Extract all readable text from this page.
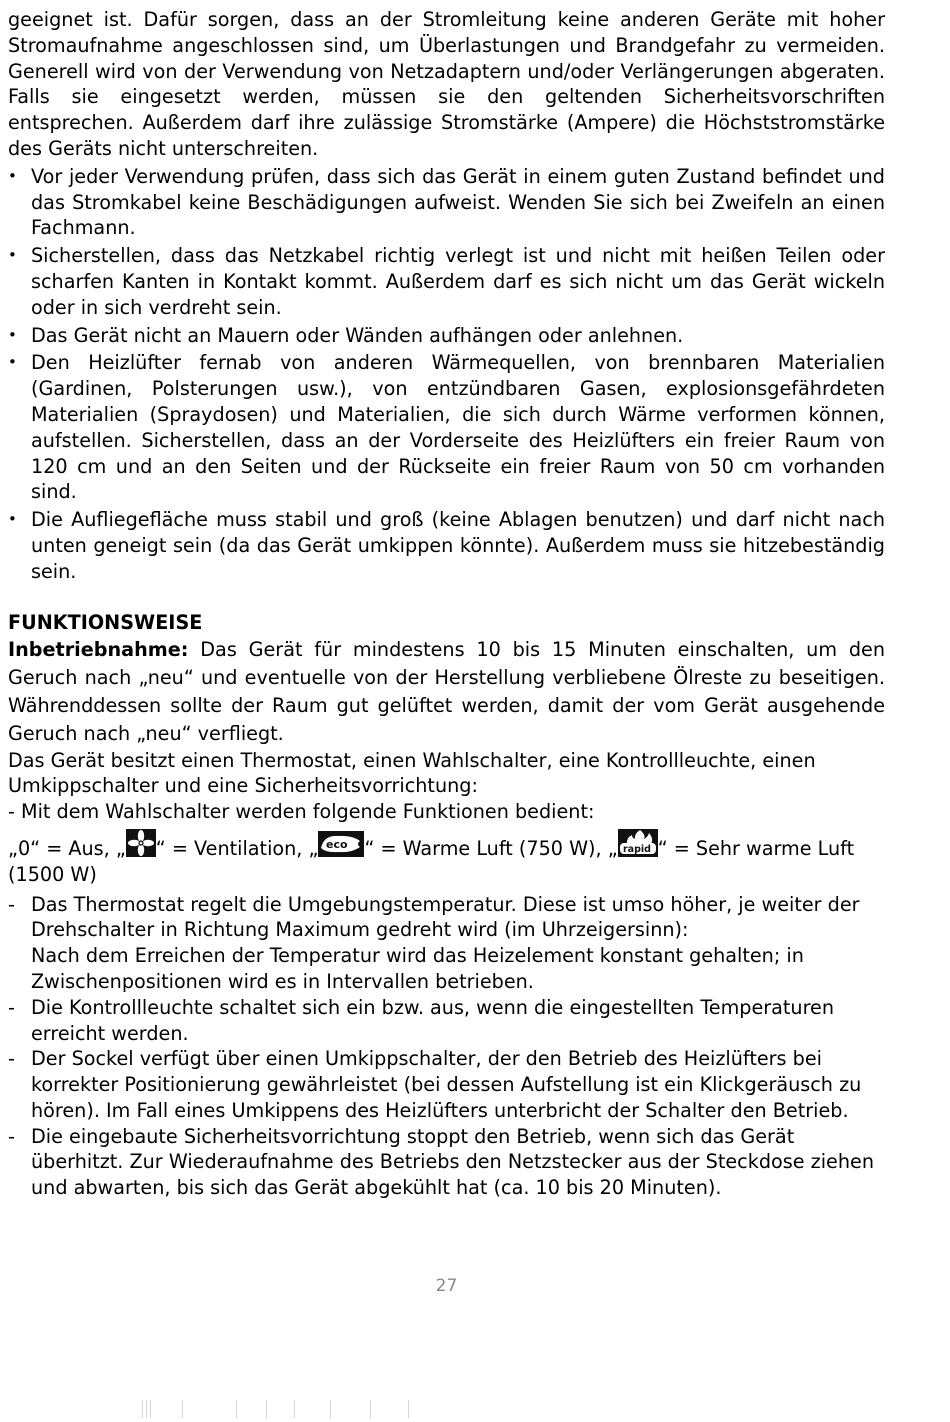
geeignet ist. Dafür sorgen, dass an der Stromleitung keine anderen Geräte mit hoher Stromaufnahme angeschlossen sind, um Überlastungen und Brandgefahr zu vermeiden. Generell wird von der Verwendung von Netzadaptern und/oder Verlängerungen abgeraten. Falls sie eingesetzt werden, müssen sie den geltenden Sicherheitsvorschriften entsprechen. Außerdem darf ihre zulässige Stromstärke (Ampere) die Höchststromstärke des Geräts nicht unterschreiten.

• Vor jeder Verwendung prüfen, dass sich das Gerät in einem guten Zustand befindet und das Stromkabel keine Beschädigungen aufweist. Wenden Sie sich bei Zweifeln an einen Fachmann.
• Sicherstellen, dass das Netzkabel richtig verlegt ist und nicht mit heißen Teilen oder scharfen Kanten in Kontakt kommt. Außerdem darf es sich nicht um das Gerät wickeln oder in sich verdreht sein.
• Das Gerät nicht an Mauern oder Wänden aufhängen oder anlehnen.
• Den Heizlüfter fernab von anderen Wärmequellen, von brennbaren Materialien (Gardinen, Polsterungen usw.), von entzündbaren Gasen, explosionsgefährdeten Materialien (Spraydosen) und Materialien, die sich durch Wärme verformen können, aufstellen. Sicherstellen, dass an der Vorderseite des Heizlüfters ein freier Raum von 120 cm und an den Seiten und der Rückseite ein freier Raum von 50 cm vorhanden sind.
• Die Aufliegefläche muss stabil und groß (keine Ablagen benutzen) und darf nicht nach unten geneigt sein (da das Gerät umkippen könnte). Außerdem muss sie hitzebeständig sein.
FUNKTIONSWEISE

Inbetriebnahme: Das Gerät für mindestens 10 bis 15 Minuten einschalten, um den Geruch nach „neu“ und eventuelle von der Herstellung verbliebene Ölreste zu beseitigen. Währenddessen sollte der Raum gut gelüftet werden, damit der vom Gerät ausgehende Geruch nach „neu“ verfliegt.

Das Gerät besitzt einen Thermostat, einen Wahlschalter, eine Kontrollleuchte, einen Umkippschalter und eine Sicherheitsvorrichtung:

- Mit dem Wahlschalter werden folgende Funktionen bedient:

„0“ = Aus, „ “ = Ventilation, „ eco “ = Warme Luft (750 W), „ rapid “ = Sehr warme Luft (1500 W)

- Das Thermostat regelt die Umgebungstemperatur. Diese ist umso höher, je weiter der Drehschalter in Richtung Maximum gedreht wird (im Uhrzeigersinn):
Nach dem Erreichen der Temperatur wird das Heizelement konstant gehalten; in Zwischenpositionen wird es in Intervallen betrieben.
- Die Kontrollleuchte schaltet sich ein bzw. aus, wenn die eingestellten Temperaturen erreicht werden.
- Der Sockel verfügt über einen Umkippschalter, der den Betrieb des Heizlüfters bei korrekter Positionierung gewährleistet (bei dessen Aufstellung ist ein Klickgeräusch zu hören). Im Fall eines Umkippens des Heizlüfters unterbricht der Schalter den Betrieb.
- Die eingebaute Sicherheitsvorrichtung stoppt den Betrieb, wenn sich das Gerät überhitzt. Zur Wiederaufnahme des Betriebs den Netzstecker aus der Steckdose ziehen und abwarten, bis sich das Gerät abgekühlt hat (ca. 10 bis 20 Minuten).
27
